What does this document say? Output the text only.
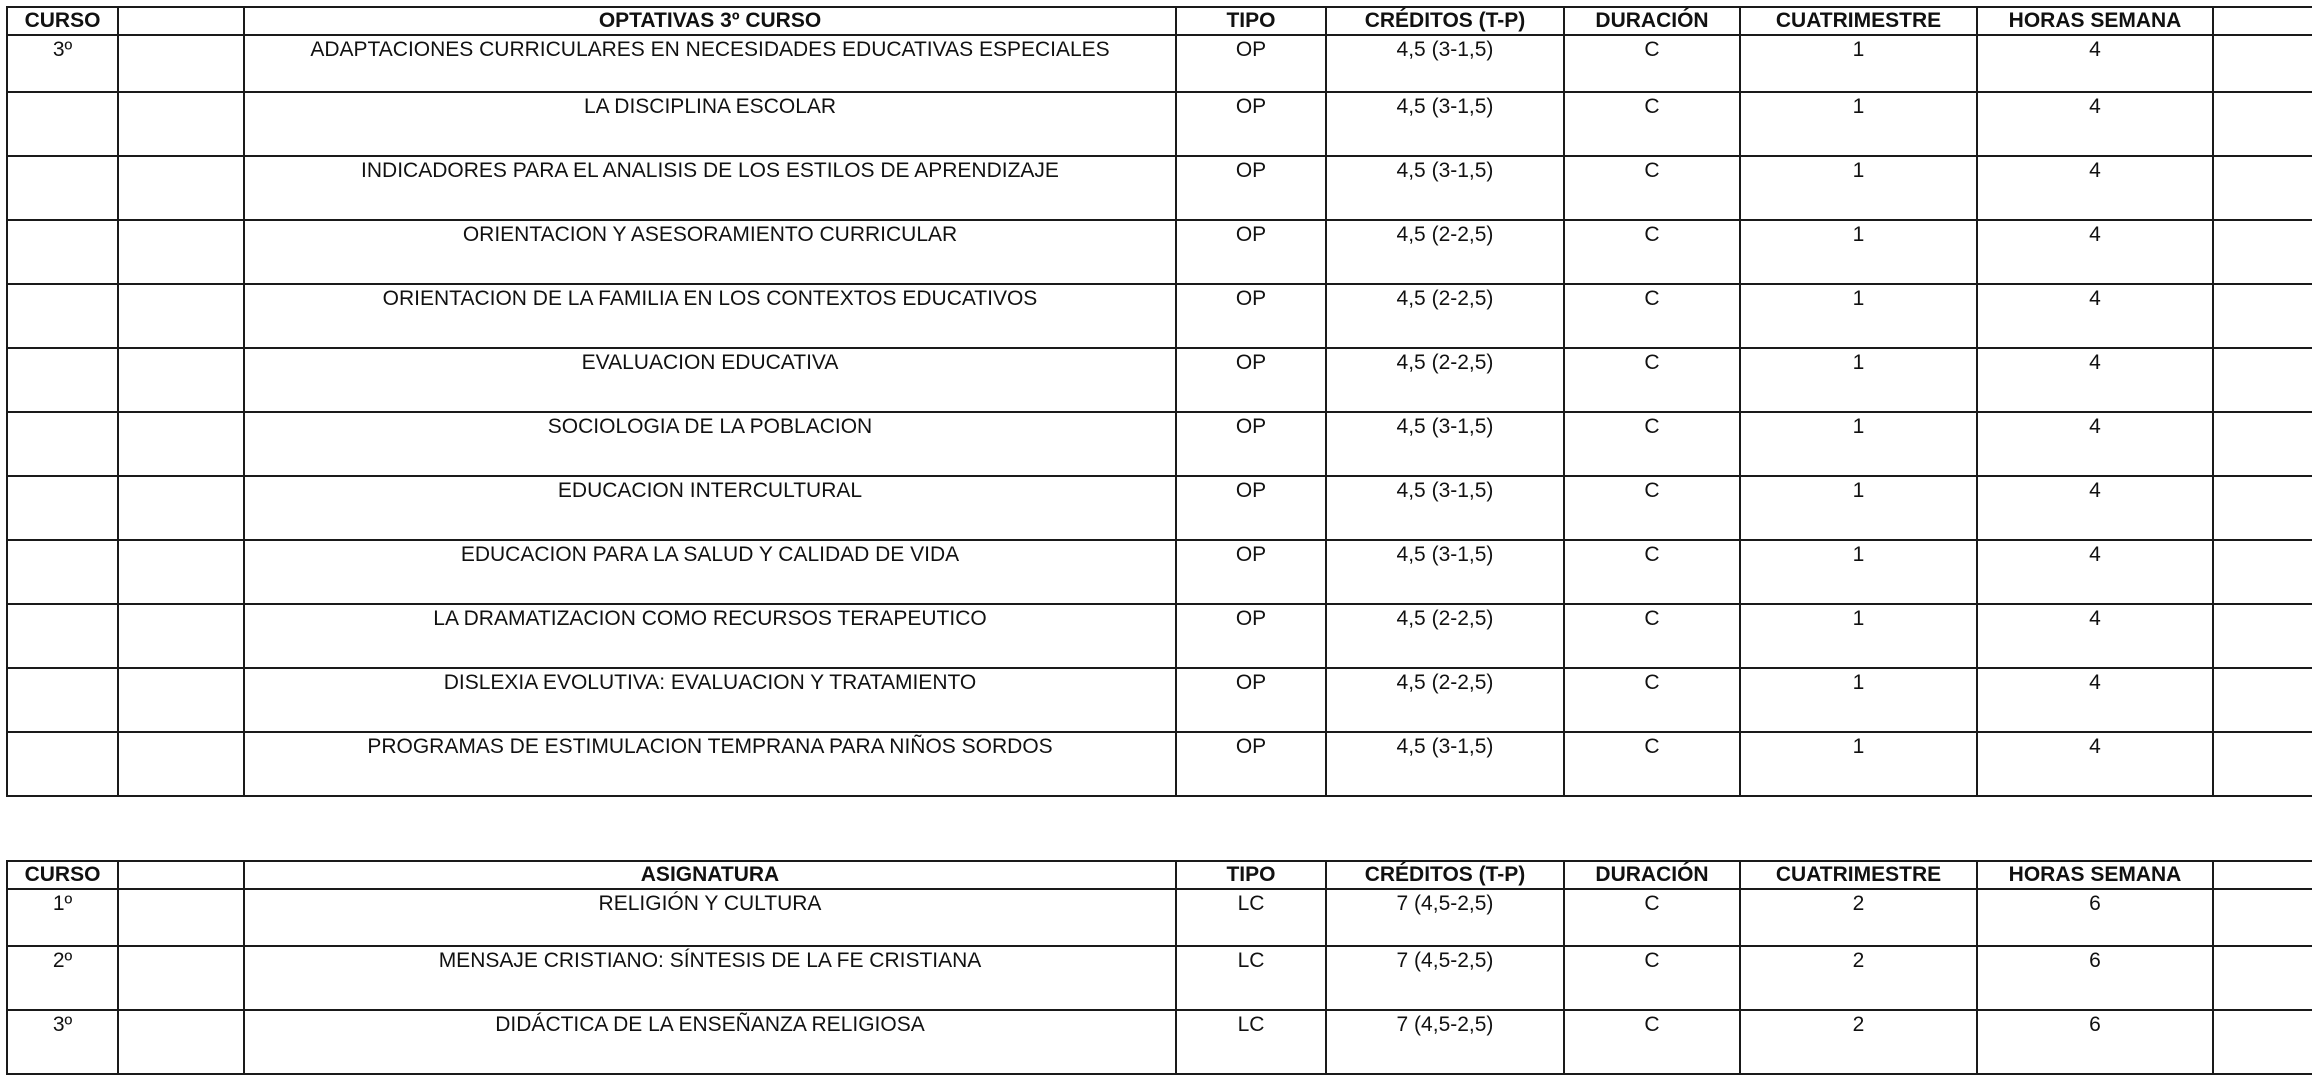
CURSO		OPTATIVAS 3º CURSO	TIPO	CRÉDITOS (T-P)	DURACIÓN	CUATRIMESTRE	HORAS SEMANA	
3º		ADAPTACIONES CURRICULARES EN NECESIDADES EDUCATIVAS ESPECIALES	OP	4,5 (3-1,5)	C	1	4	
		LA DISCIPLINA ESCOLAR	OP	4,5 (3-1,5)	C	1	4	
		INDICADORES PARA EL ANALISIS DE LOS ESTILOS DE APRENDIZAJE	OP	4,5 (3-1,5)	C	1	4	
		ORIENTACION Y ASESORAMIENTO CURRICULAR	OP	4,5 (2-2,5)	C	1	4	
		ORIENTACION DE LA FAMILIA EN LOS CONTEXTOS EDUCATIVOS	OP	4,5 (2-2,5)	C	1	4	
		EVALUACION EDUCATIVA	OP	4,5 (2-2,5)	C	1	4	
		SOCIOLOGIA DE LA POBLACION	OP	4,5 (3-1,5)	C	1	4	
		EDUCACION INTERCULTURAL	OP	4,5 (3-1,5)	C	1	4	
		EDUCACION PARA LA SALUD Y CALIDAD DE VIDA	OP	4,5 (3-1,5)	C	1	4	
		LA DRAMATIZACION COMO RECURSOS TERAPEUTICO	OP	4,5 (2-2,5)	C	1	4	
		DISLEXIA EVOLUTIVA: EVALUACION Y TRATAMIENTO	OP	4,5 (2-2,5)	C	1	4	
		PROGRAMAS DE ESTIMULACION TEMPRANA PARA NIÑOS SORDOS	OP	4,5 (3-1,5)	C	1	4	
CURSO		ASIGNATURA	TIPO	CRÉDITOS (T-P)	DURACIÓN	CUATRIMESTRE	HORAS SEMANA	
1º		RELIGIÓN Y CULTURA	LC	7 (4,5-2,5)	C	2	6	
2º		MENSAJE CRISTIANO: SÍNTESIS DE LA FE CRISTIANA	LC	7 (4,5-2,5)	C	2	6	
3º		DIDÁCTICA DE LA ENSEÑANZA RELIGIOSA	LC	7 (4,5-2,5)	C	2	6	
